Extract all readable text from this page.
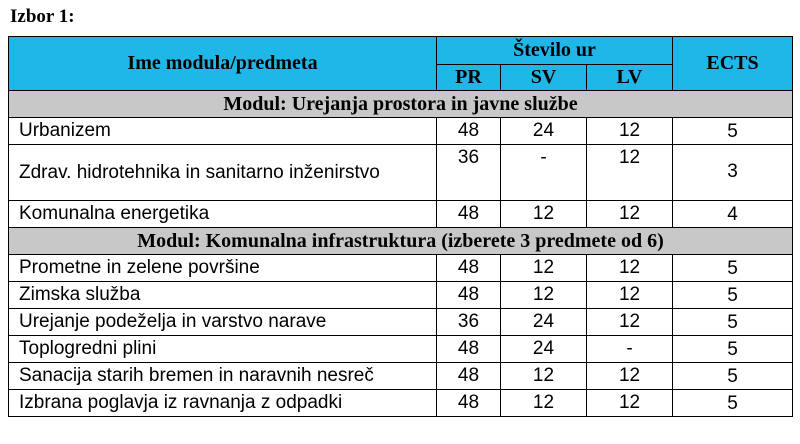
Izbor 1:
Ime modula/predmeta	Število ur			ECTS
	PR	SV	LV	
Modul: Urejanja prostora in javne službe				
Urbanizem	48	24	12	5
Zdrav. hidrotehnika in sanitarno inženirstvo	36	-	12	3
Komunalna energetika	48	12	12	4
Modul: Komunalna infrastruktura (izberete 3 predmete od 6)				
Prometne in zelene površine	48	12	12	5
Zimska služba	48	12	12	5
Urejanje podeželja in varstvo narave	36	24	12	5
Toplogredni plini	48	24	-	5
Sanacija starih bremen in naravnih nesreč	48	12	12	5
Izbrana poglavja iz ravnanja z odpadki	48	12	12	5
